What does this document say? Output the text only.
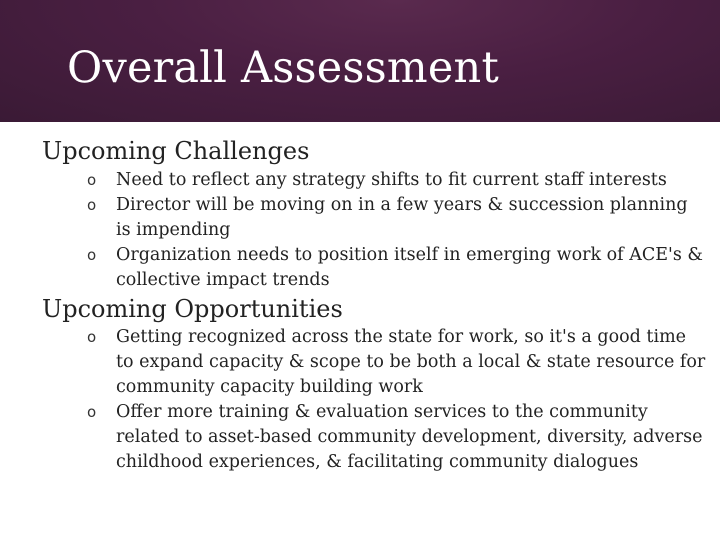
Overall Assessment
Upcoming Challenges
o	Need to reflect any strategy shifts to fit current staff interests
o	Director will be moving on in a few years & succession planning is impending
o	Organization needs to position itself in emerging work of ACE's & collective impact trends
Upcoming Opportunities
o	Getting recognized across the state for work, so it's a good time to expand capacity & scope to be both a local & state resource for community capacity building work
o	Offer more training & evaluation services to the community related to asset-based community development, diversity, adverse childhood experiences, & facilitating community dialogues
